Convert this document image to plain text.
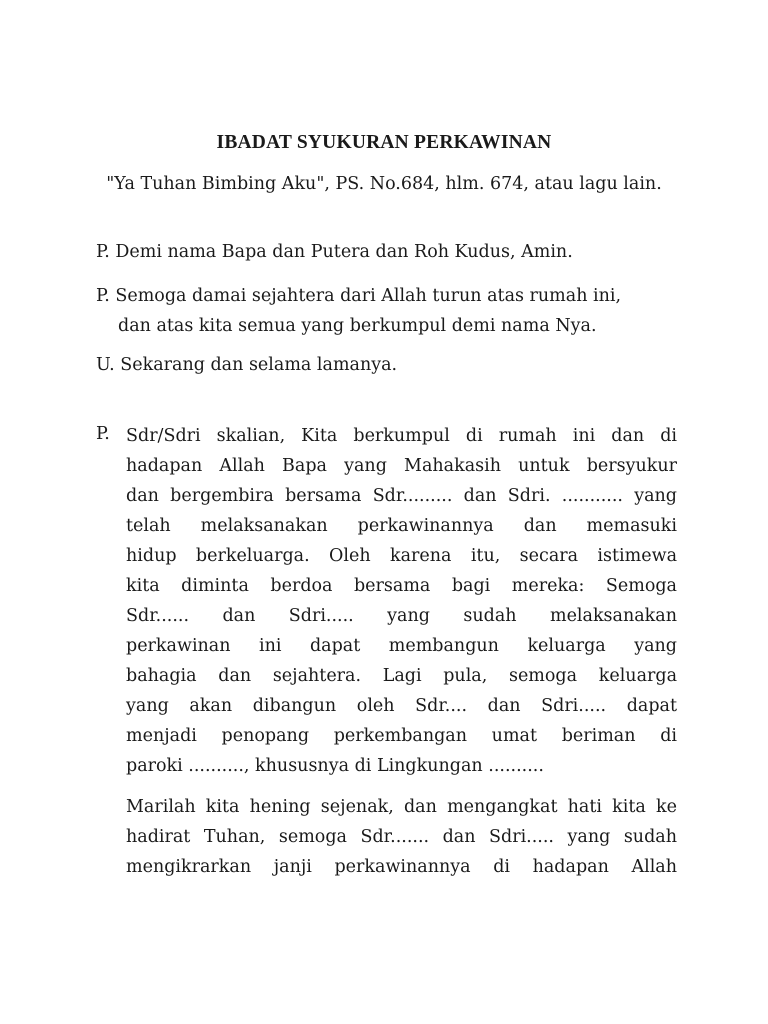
IBADAT SYUKURAN PERKAWINAN
"Ya Tuhan Bimbing Aku", PS. No.684, hlm. 674, atau lagu lain.
P. Demi nama Bapa dan Putera dan Roh Kudus, Amin.
P. Semoga damai sejahtera dari Allah turun atas rumah ini,
dan atas kita semua yang berkumpul demi nama Nya.
U. Sekarang dan selama lamanya.
P. Sdr/Sdri skalian, Kita berkumpul di rumah ini dan di
hadapan Allah Bapa yang Mahakasih untuk bersyukur
dan bergembira bersama Sdr......... dan Sdri. ........... yang
telah melaksanakan perkawinannya dan memasuki
hidup berkeluarga. Oleh karena itu, secara istimewa
kita diminta berdoa bersama bagi mereka: Semoga
Sdr...... dan Sdri..... yang sudah melaksanakan
perkawinan ini dapat membangun keluarga yang
bahagia dan sejahtera. Lagi pula, semoga keluarga
yang akan dibangun oleh Sdr.... dan Sdri..... dapat
menjadi penopang perkembangan umat beriman di
paroki .........., khususnya di Lingkungan ..........
Marilah kita hening sejenak, dan mengangkat hati kita ke
hadirat Tuhan, semoga Sdr....... dan Sdri..... yang sudah
mengikrarkan janji perkawinannya di hadapan Allah
